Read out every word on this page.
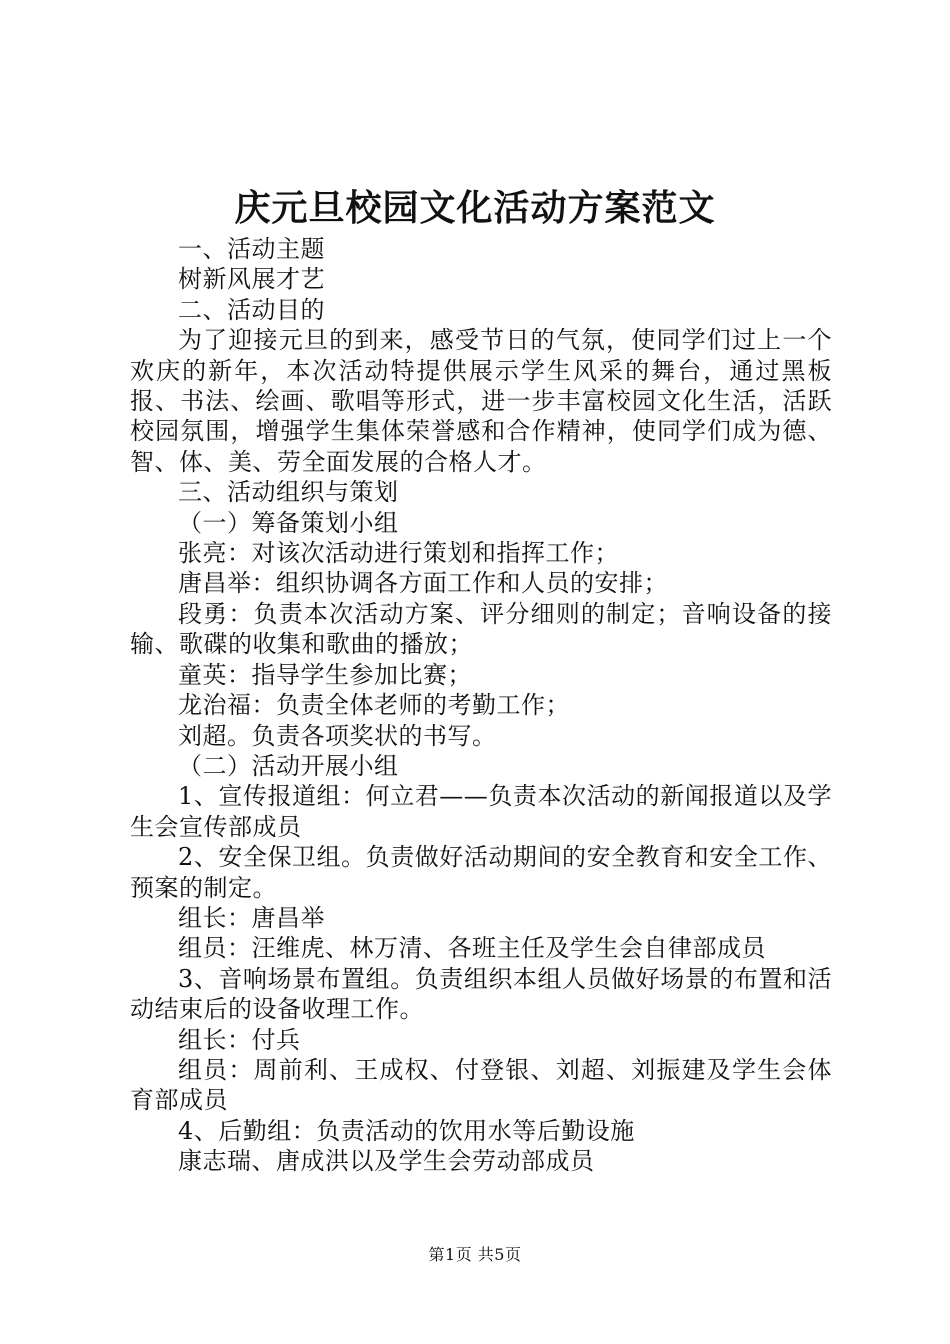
庆元旦校园文化活动方案范文

一、活动主题

树新风展才艺

二、活动目的

为了迎接元旦的到来，感受节日的气氛，使同学们过上一个欢庆的新年，本次活动特提供展示学生风采的舞台，通过黑板报、书法、绘画、歌唱等形式，进一步丰富校园文化生活，活跃校园氛围，增强学生集体荣誉感和合作精神，使同学们成为德、智、体、美、劳全面发展的合格人才。

三、活动组织与策划

（一）筹备策划小组

张亮：对该次活动进行策划和指挥工作；

唐昌举：组织协调各方面工作和人员的安排；

段勇：负责本次活动方案、评分细则的制定；音响设备的接输、歌碟的收集和歌曲的播放；

童英：指导学生参加比赛；

龙治福：负责全体老师的考勤工作；

刘超。负责各项奖状的书写。

（二）活动开展小组

1、宣传报道组：何立君——负责本次活动的新闻报道以及学生会宣传部成员

2、安全保卫组。负责做好活动期间的安全教育和安全工作、预案的制定。

组长：唐昌举

组员：汪维虎、林万清、各班主任及学生会自律部成员

3、音响场景布置组。负责组织本组人员做好场景的布置和活动结束后的设备收理工作。

组长：付兵

组员：周前利、王成权、付登银、刘超、刘振建及学生会体育部成员

4、后勤组：负责活动的饮用水等后勤设施

康志瑞、唐成洪以及学生会劳动部成员

第1页 共5页
